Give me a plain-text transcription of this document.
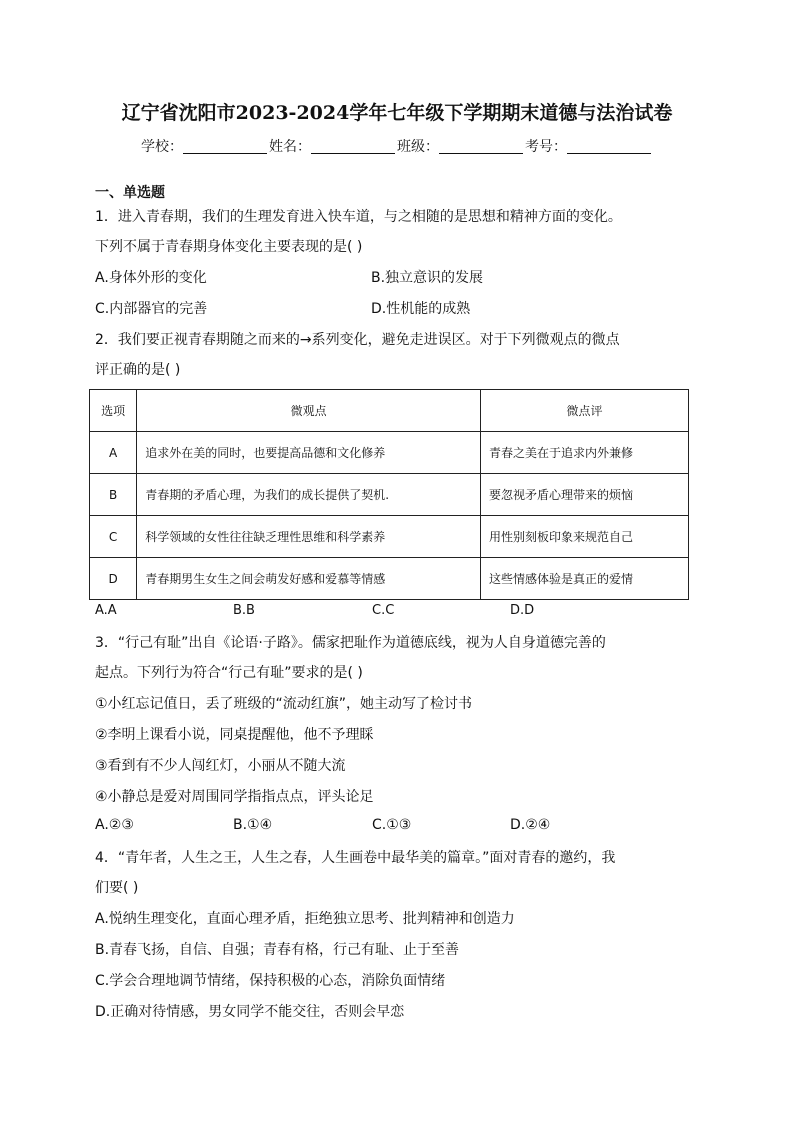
辽宁省沈阳市2023-2024学年七年级下学期期末道德与法治试卷
学校：	姓名：	班级：	考号：
一、单选题
1．进入青春期，我们的生理发育进入快车道，与之相随的是思想和精神方面的变化。
下列不属于青春期身体变化主要表现的是( )
A.身体外形的变化	B.独立意识的发展
C.内部器官的完善	D.性机能的成熟
2．我们要正视青春期随之而来的→系列变化，避免走进误区。对于下列微观点的微点
评正确的是( )
选项	微观点	微点评
A	追求外在美的同时，也要提高品德和文化修养	青春之美在于追求内外兼修
B	青春期的矛盾心理，为我们的成长提供了契机.	要忽视矛盾心理带来的烦恼
C	科学领域的女性往往缺乏理性思维和科学素养	用性别刻板印象来规范自己
D	青春期男生女生之间会萌发好感和爱慕等情感	这些情感体验是真正的爱情
A.A	B.B	C.C	D.D
3．“行己有耻”出自《论语·子路》。儒家把耻作为道德底线，视为人自身道德完善的
起点。下列行为符合“行己有耻”要求的是( )
①小红忘记值日，丢了班级的“流动红旗”，她主动写了检讨书
②李明上课看小说，同桌提醒他，他不予理睬
③看到有不少人闯红灯，小丽从不随大流
④小静总是爱对周围同学指指点点，评头论足
A.②③	B.①④	C.①③	D.②④
4．“青年者，人生之王，人生之春，人生画卷中最华美的篇章。”面对青春的邀约，我
们要( )
A.悦纳生理变化，直面心理矛盾，拒绝独立思考、批判精神和创造力
B.青春飞扬，自信、自强；青春有格，行己有耻、止于至善
C.学会合理地调节情绪，保持积极的心态，消除负面情绪
D.正确对待情感，男女同学不能交往，否则会早恋
